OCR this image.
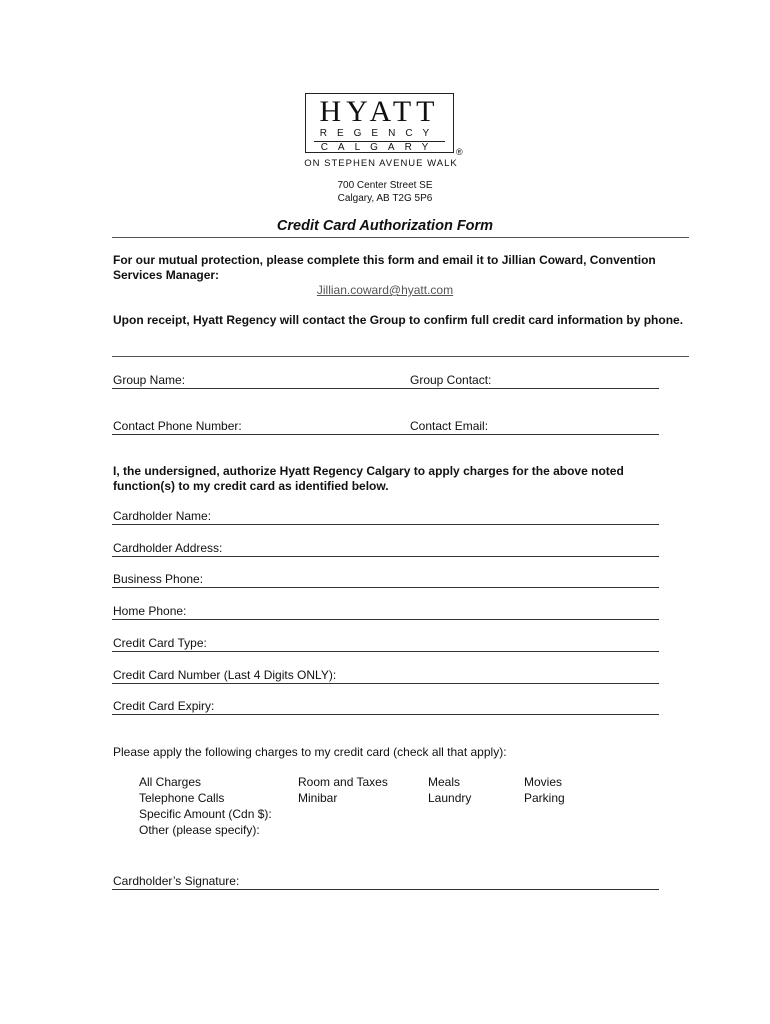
HYATT
REGENCY
CALGARY	®
ON STEPHEN AVENUE WALK
700 Center Street SE
Calgary, AB T2G 5P6
Credit Card Authorization Form
For our mutual protection, please complete this form and email it to Jillian Coward, Convention Services Manager:
Jillian.coward@hyatt.com
Upon receipt, Hyatt Regency will contact the Group to confirm full credit card information by phone.
Group Name:	Group Contact:
Contact Phone Number:	Contact Email:
I, the undersigned, authorize Hyatt Regency Calgary to apply charges for the above noted function(s) to my credit card as identified below.
Cardholder Name:
Cardholder Address:
Business Phone:
Home Phone:
Credit Card Type:
Credit Card Number (Last 4 Digits ONLY):
Credit Card Expiry:
Please apply the following charges to my credit card (check all that apply):
All Charges	Room and Taxes	Meals	Movies
Telephone Calls	Minibar	Laundry	Parking
Specific Amount (Cdn $):
Other (please specify):
Cardholder’s Signature:
